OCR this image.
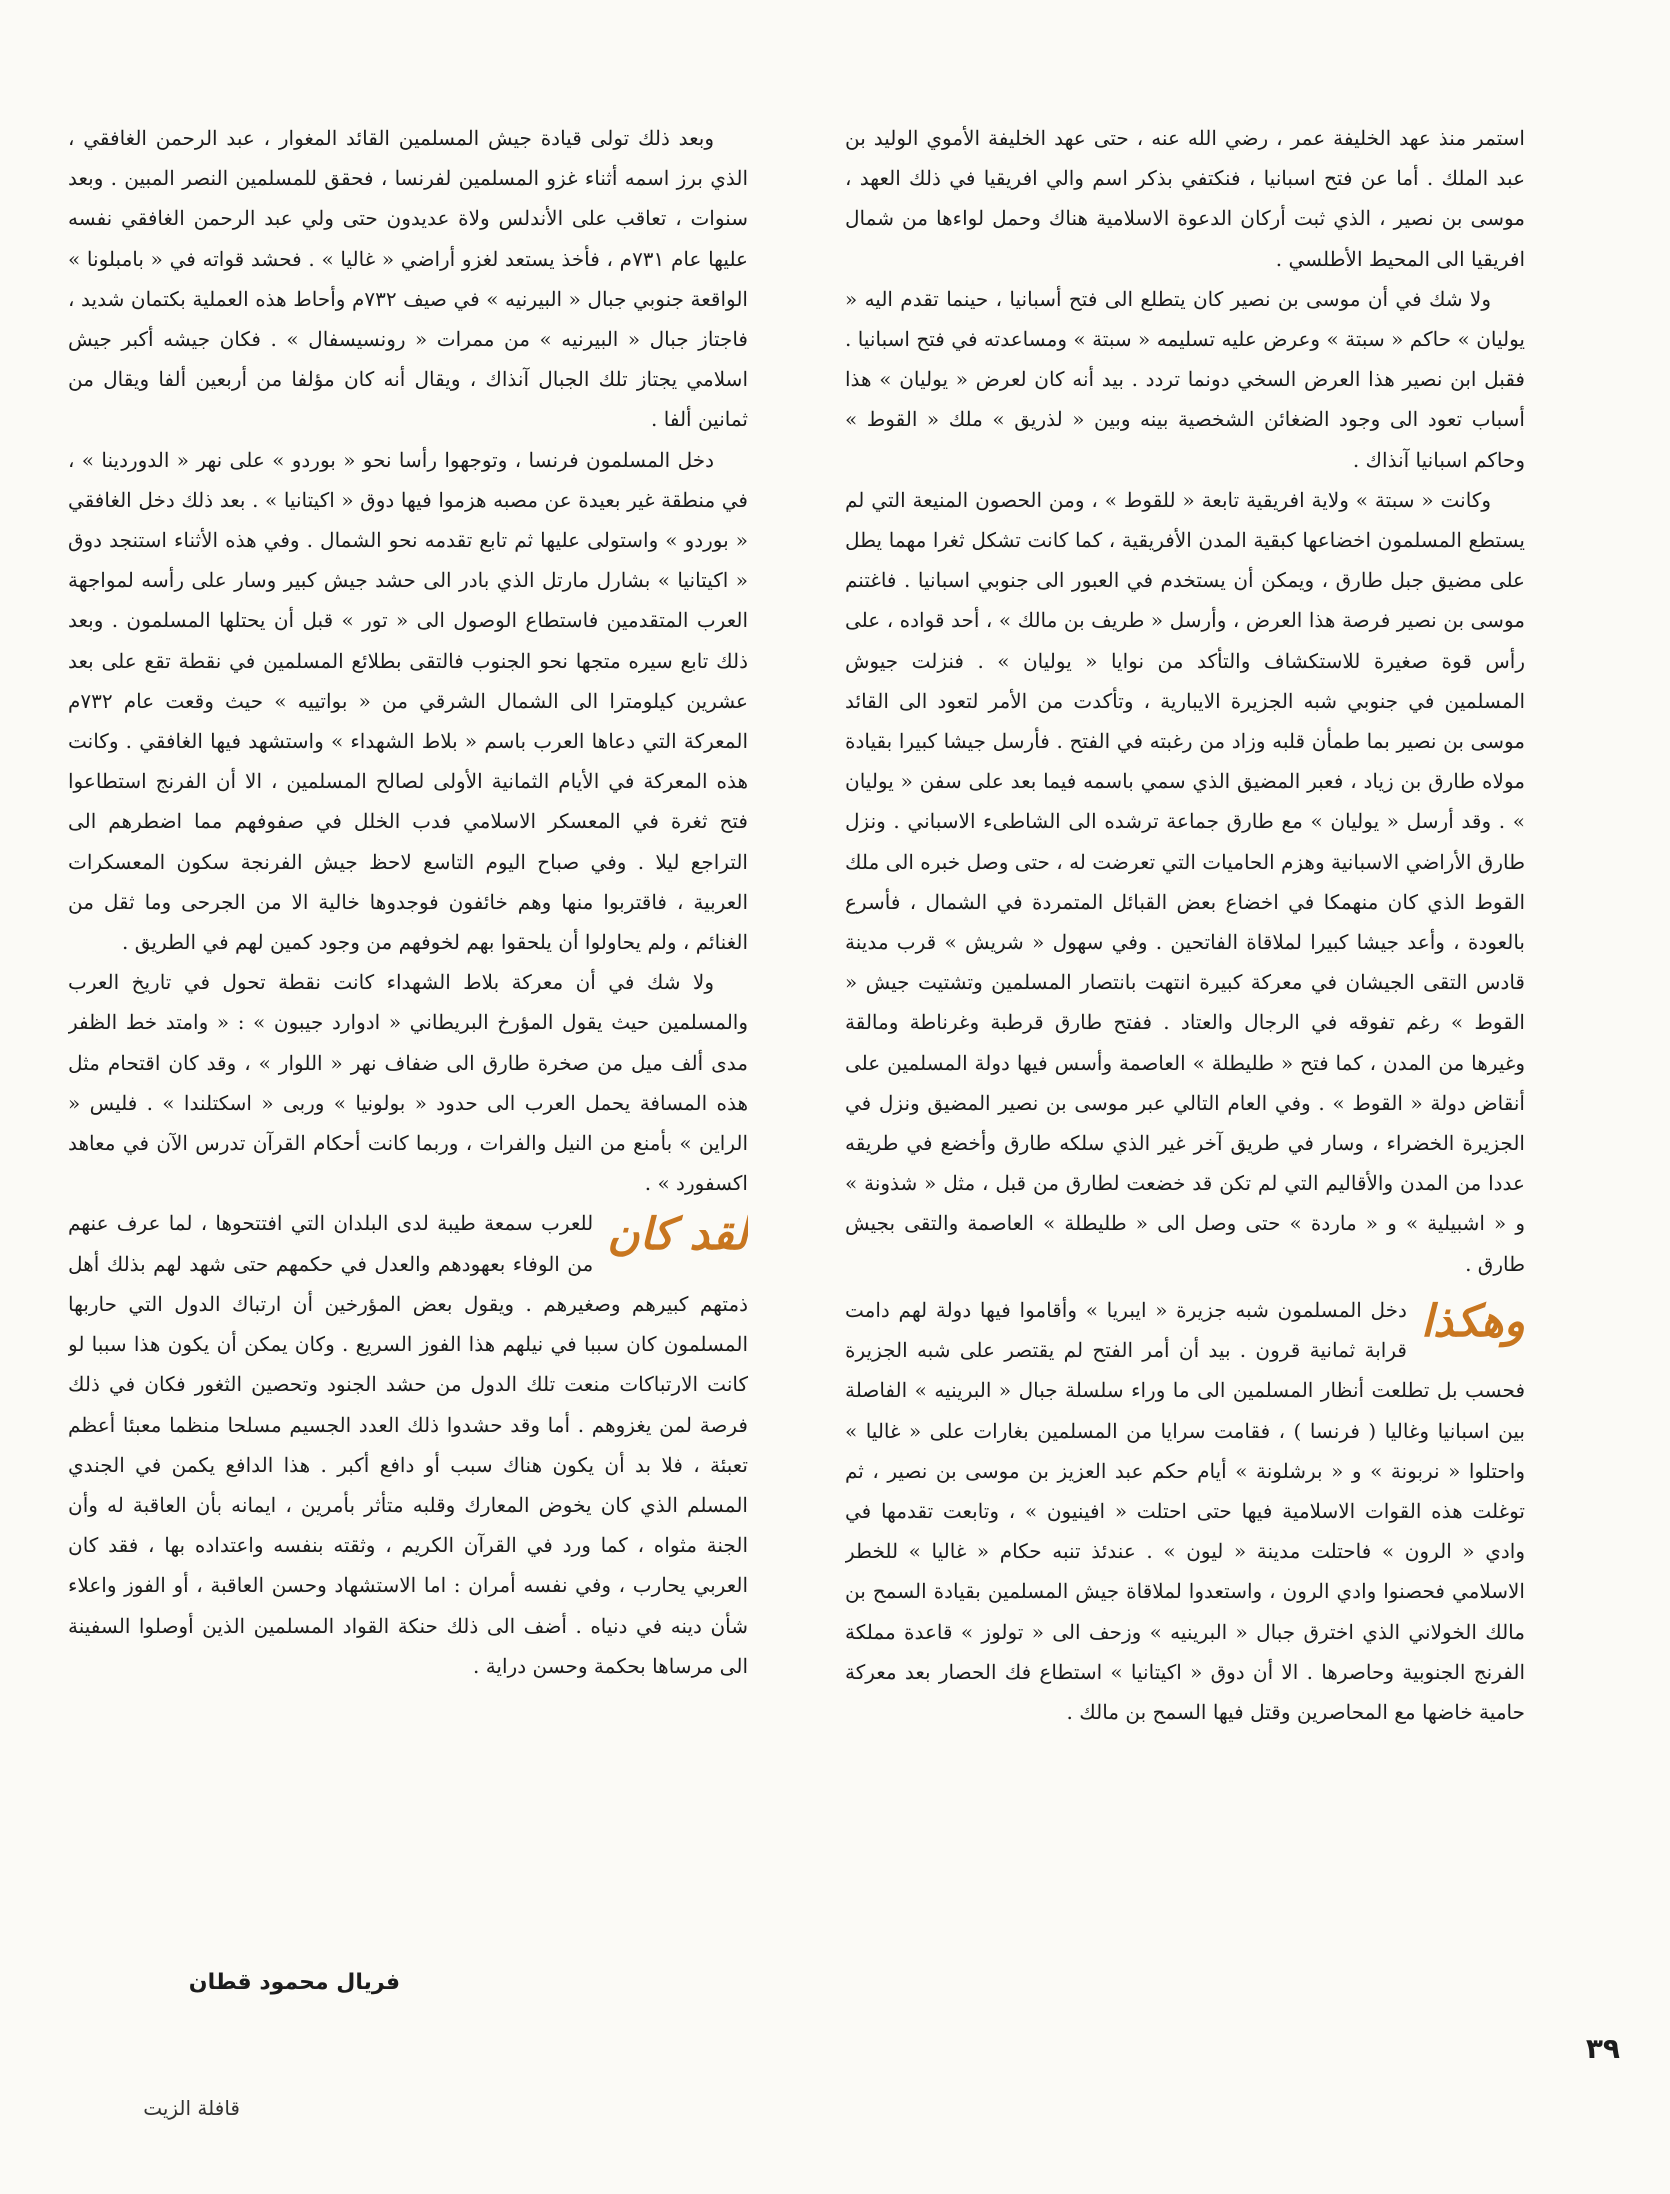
استمر منذ عهد الخليفة عمر ، رضي الله عنه ، حتى عهد الخليفة الأموي الوليد بن عبد الملك . أما عن فتح اسبانيا ، فنكتفي بذكر اسم والي افريقيا في ذلك العهد ، موسى بن نصير ، الذي ثبت أركان الدعوة الاسلامية هناك وحمل لواءها من شمال افريقيا الى المحيط الأطلسي .

ولا شك في أن موسى بن نصير كان يتطلع الى فتح أسبانيا ، حينما تقدم اليه « يوليان » حاكم « سبتة » وعرض عليه تسليمه « سبتة » ومساعدته في فتح اسبانيا . فقبل ابن نصير هذا العرض السخي دونما تردد . بيد أنه كان لعرض « يوليان » هذا أسباب تعود الى وجود الضغائن الشخصية بينه وبين « لذريق » ملك « القوط » وحاكم اسبانيا آنذاك .

وكانت « سبتة » ولاية افريقية تابعة « للقوط » ، ومن الحصون المنيعة التي لم يستطع المسلمون اخضاعها كبقية المدن الأفريقية ، كما كانت تشكل ثغرا مهما يطل على مضيق جبل طارق ، ويمكن أن يستخدم في العبور الى جنوبي اسبانيا . فاغتنم موسى بن نصير فرصة هذا العرض ، وأرسل « طريف بن مالك » ، أحد قواده ، على رأس قوة صغيرة للاستكشاف والتأكد من نوايا « يوليان » . فنزلت جيوش المسلمين في جنوبي شبه الجزيرة الايبارية ، وتأكدت من الأمر لتعود الى القائد موسى بن نصير بما طمأن قلبه وزاد من رغبته في الفتح . فأرسل جيشا كبيرا بقيادة مولاه طارق بن زياد ، فعبر المضيق الذي سمي باسمه فيما بعد على سفن « يوليان » . وقد أرسل « يوليان » مع طارق جماعة ترشده الى الشاطىء الاسباني . ونزل طارق الأراضي الاسبانية وهزم الحاميات التي تعرضت له ، حتى وصل خبره الى ملك القوط الذي كان منهمكا في اخضاع بعض القبائل المتمردة في الشمال ، فأسرع بالعودة ، وأعد جيشا كبيرا لملاقاة الفاتحين . وفي سهول « شريش » قرب مدينة قادس التقى الجيشان في معركة كبيرة انتهت بانتصار المسلمين وتشتيت جيش « القوط » رغم تفوقه في الرجال والعتاد . ففتح طارق قرطبة وغرناطة ومالقة وغيرها من المدن ، كما فتح « طليطلة » العاصمة وأسس فيها دولة المسلمين على أنقاض دولة « القوط » . وفي العام التالي عبر موسى بن نصير المضيق ونزل في الجزيرة الخضراء ، وسار في طريق آخر غير الذي سلكه طارق وأخضع في طريقه عددا من المدن والأقاليم التي لم تكن قد خضعت لطارق من قبل ، مثل « شذونة » و « اشبيلية » و « ماردة » حتى وصل الى « طليطلة » العاصمة والتقى بجيش طارق .

وهكذا
دخل المسلمون شبه جزيرة « ايبريا » وأقاموا فيها دولة لهم دامت قرابة ثمانية قرون . بيد أن أمر الفتح لم يقتصر على شبه الجزيرة فحسب بل تطلعت أنظار المسلمين الى ما وراء سلسلة جبال « البرينيه » الفاصلة بين اسبانيا وغاليا ( فرنسا ) ، فقامت سرايا من المسلمين بغارات على « غاليا » واحتلوا « نربونة » و « برشلونة » أيام حكم عبد العزيز بن موسى بن نصير ، ثم توغلت هذه القوات الاسلامية فيها حتى احتلت « افينيون » ، وتابعت تقدمها في وادي « الرون » فاحتلت مدينة « ليون » . عندئذ تنبه حكام « غاليا » للخطر الاسلامي فحصنوا وادي الرون ، واستعدوا لملاقاة جيش المسلمين بقيادة السمح بن مالك الخولاني الذي اخترق جبال « البرينيه » وزحف الى « تولوز » قاعدة مملكة الفرنج الجنوبية وحاصرها . الا أن دوق « اكيتانيا » استطاع فك الحصار بعد معركة حامية خاضها مع المحاصرين وقتل فيها السمح بن مالك .

وبعد ذلك تولى قيادة جيش المسلمين القائد المغوار ، عبد الرحمن الغافقي ، الذي برز اسمه أثناء غزو المسلمين لفرنسا ، فحقق للمسلمين النصر المبين . وبعد سنوات ، تعاقب على الأندلس ولاة عديدون حتى ولي عبد الرحمن الغافقي نفسه عليها عام ٧٣١م ، فأخذ يستعد لغزو أراضي « غاليا » . فحشد قواته في « بامبلونا » الواقعة جنوبي جبال « البيرنيه » في صيف ٧٣٢م وأحاط هذه العملية بكتمان شديد ، فاجتاز جبال « البيرنيه » من ممرات « رونسيسفال » . فكان جيشه أكبر جيش اسلامي يجتاز تلك الجبال آنذاك ، ويقال أنه كان مؤلفا من أربعين ألفا ويقال من ثمانين ألفا .

دخل المسلمون فرنسا ، وتوجهوا رأسا نحو « بوردو » على نهر « الدوردينا » ، في منطقة غير بعيدة عن مصبه هزموا فيها دوق « اكيتانيا » . بعد ذلك دخل الغافقي « بوردو » واستولى عليها ثم تابع تقدمه نحو الشمال . وفي هذه الأثناء استنجد دوق « اكيتانيا » بشارل مارتل الذي بادر الى حشد جيش كبير وسار على رأسه لمواجهة العرب المتقدمين فاستطاع الوصول الى « تور » قبل أن يحتلها المسلمون . وبعد ذلك تابع سيره متجها نحو الجنوب فالتقى بطلائع المسلمين في نقطة تقع على بعد عشرين كيلومترا الى الشمال الشرقي من « بواتييه » حيث وقعت عام ٧٣٢م المعركة التي دعاها العرب باسم « بلاط الشهداء » واستشهد فيها الغافقي . وكانت هذه المعركة في الأيام الثمانية الأولى لصالح المسلمين ، الا أن الفرنج استطاعوا فتح ثغرة في المعسكر الاسلامي فدب الخلل في صفوفهم مما اضطرهم الى التراجع ليلا . وفي صباح اليوم التاسع لاحظ جيش الفرنجة سكون المعسكرات العربية ، فاقتربوا منها وهم خائفون فوجدوها خالية الا من الجرحى وما ثقل من الغنائم ، ولم يحاولوا أن يلحقوا بهم لخوفهم من وجود كمين لهم في الطريق .

ولا شك في أن معركة بلاط الشهداء كانت نقطة تحول في تاريخ العرب والمسلمين حيث يقول المؤرخ البريطاني « ادوارد جيبون » : « وامتد خط الظفر مدى ألف ميل من صخرة طارق الى ضفاف نهر « اللوار » ، وقد كان اقتحام مثل هذه المسافة يحمل العرب الى حدود « بولونيا » وربى « اسكتلندا » . فليس « الراين » بأمنع من النيل والفرات ، وربما كانت أحكام القرآن تدرس الآن في معاهد اكسفورد » .

لقد كان
للعرب سمعة طيبة لدى البلدان التي افتتحوها ، لما عرف عنهم من الوفاء بعهودهم والعدل في حكمهم حتى شهد لهم بذلك أهل ذمتهم كبيرهم وصغيرهم . ويقول بعض المؤرخين أن ارتباك الدول التي حاربها المسلمون كان سببا في نيلهم هذا الفوز السريع . وكان يمكن أن يكون هذا سببا لو كانت الارتباكات منعت تلك الدول من حشد الجنود وتحصين الثغور فكان في ذلك فرصة لمن يغزوهم . أما وقد حشدوا ذلك العدد الجسيم مسلحا منظما معبئا أعظم تعبئة ، فلا بد أن يكون هناك سبب أو دافع أكبر . هذا الدافع يكمن في الجندي المسلم الذي كان يخوض المعارك وقلبه متأثر بأمرين ، ايمانه بأن العاقبة له وأن الجنة مثواه ، كما ورد في القرآن الكريم ، وثقته بنفسه واعتداده بها ، فقد كان العربي يحارب ، وفي نفسه أمران : اما الاستشهاد وحسن العاقبة ، أو الفوز واعلاء شأن دينه في دنياه . أضف الى ذلك حنكة القواد المسلمين الذين أوصلوا السفينة الى مرساها بحكمة وحسن دراية .

فريال محمود قطان
٣٩
قافلة الزيت
